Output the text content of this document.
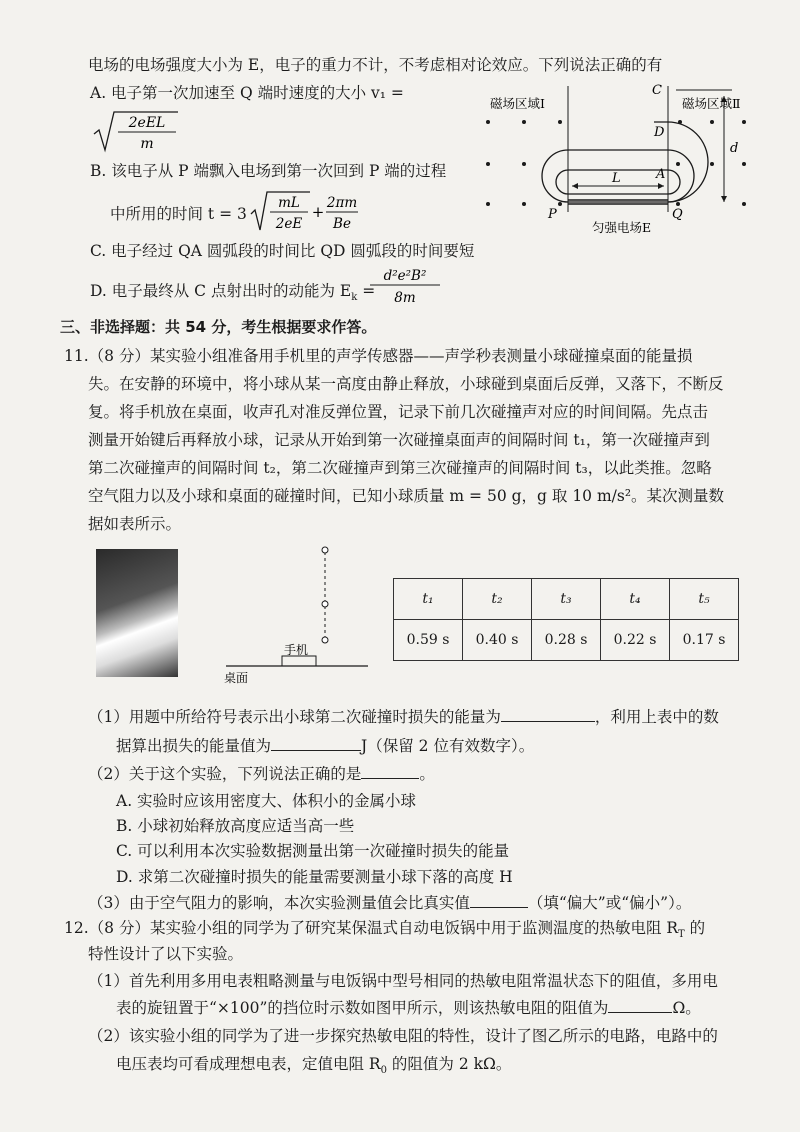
电场的电场强度大小为 E，电子的重力不计，不考虑相对论效应。下列说法正确的有
A. 电子第一次加速至 Q 端时速度的大小 v₁ =
2eEL
m
B. 该电子从 P 端飘入电场到第一次回到 P 端的过程
中所用的时间 t = 3
mL
2eE
+ 2πm
Be
C. 电子经过 QA 圆弧段的时间比 QD 圆弧段的时间要短
D. 电子最终从 C 点射出时的动能为 $E_k$ =
d²e²B²
8m
磁场区域Ⅰ	磁场区域Ⅱ
C
D
A
L
d
P	Q
匀强电场E
三、非选择题：共 54 分，考生根据要求作答。
11.（8 分）某实验小组准备用手机里的声学传感器——声学秒表测量小球碰撞桌面的能量损
失。在安静的环境中，将小球从某一高度由静止释放，小球碰到桌面后反弹，又落下，不断反
复。将手机放在桌面，收声孔对准反弹位置，记录下前几次碰撞声对应的时间间隔。先点击
测量开始键后再释放小球，记录从开始到第一次碰撞桌面声的间隔时间 t₁，第一次碰撞声到
第二次碰撞声的间隔时间 t₂，第二次碰撞声到第三次碰撞声的间隔时间 t₃，以此类推。忽略
空气阻力以及小球和桌面的碰撞时间，已知小球质量 m = 50 g，g 取 10 m/s²。某次测量数
据如表所示。
手机
桌面
t₁	t₂	t₃	t₄	t₅
0.59 s	0.40 s	0.28 s	0.22 s	0.17 s
（1）用题中所给符号表示出小球第二次碰撞时损失的能量为	，利用上表中的数
据算出损失的能量值为	J（保留 2 位有效数字）。
（2）关于这个实验，下列说法正确的是	。
A. 实验时应该用密度大、体积小的金属小球
B. 小球初始释放高度应适当高一些
C. 可以利用本次实验数据测量出第一次碰撞时损失的能量
D. 求第二次碰撞时损失的能量需要测量小球下落的高度 H
（3）由于空气阻力的影响，本次实验测量值会比真实值	（填“偏大”或“偏小”）。
12.（8 分）某实验小组的同学为了研究某保温式自动电饭锅中用于监测温度的热敏电阻 $R_T$ 的
特性设计了以下实验。
（1）首先利用多用电表粗略测量与电饭锅中型号相同的热敏电阻常温状态下的阻值，多用电
表的旋钮置于“×100”的挡位时示数如图甲所示，则该热敏电阻的阻值为	Ω。
（2）该实验小组的同学为了进一步探究热敏电阻的特性，设计了图乙所示的电路，电路中的
电压表均可看成理想电表，定值电阻 $R_0$ 的阻值为 2 kΩ。
